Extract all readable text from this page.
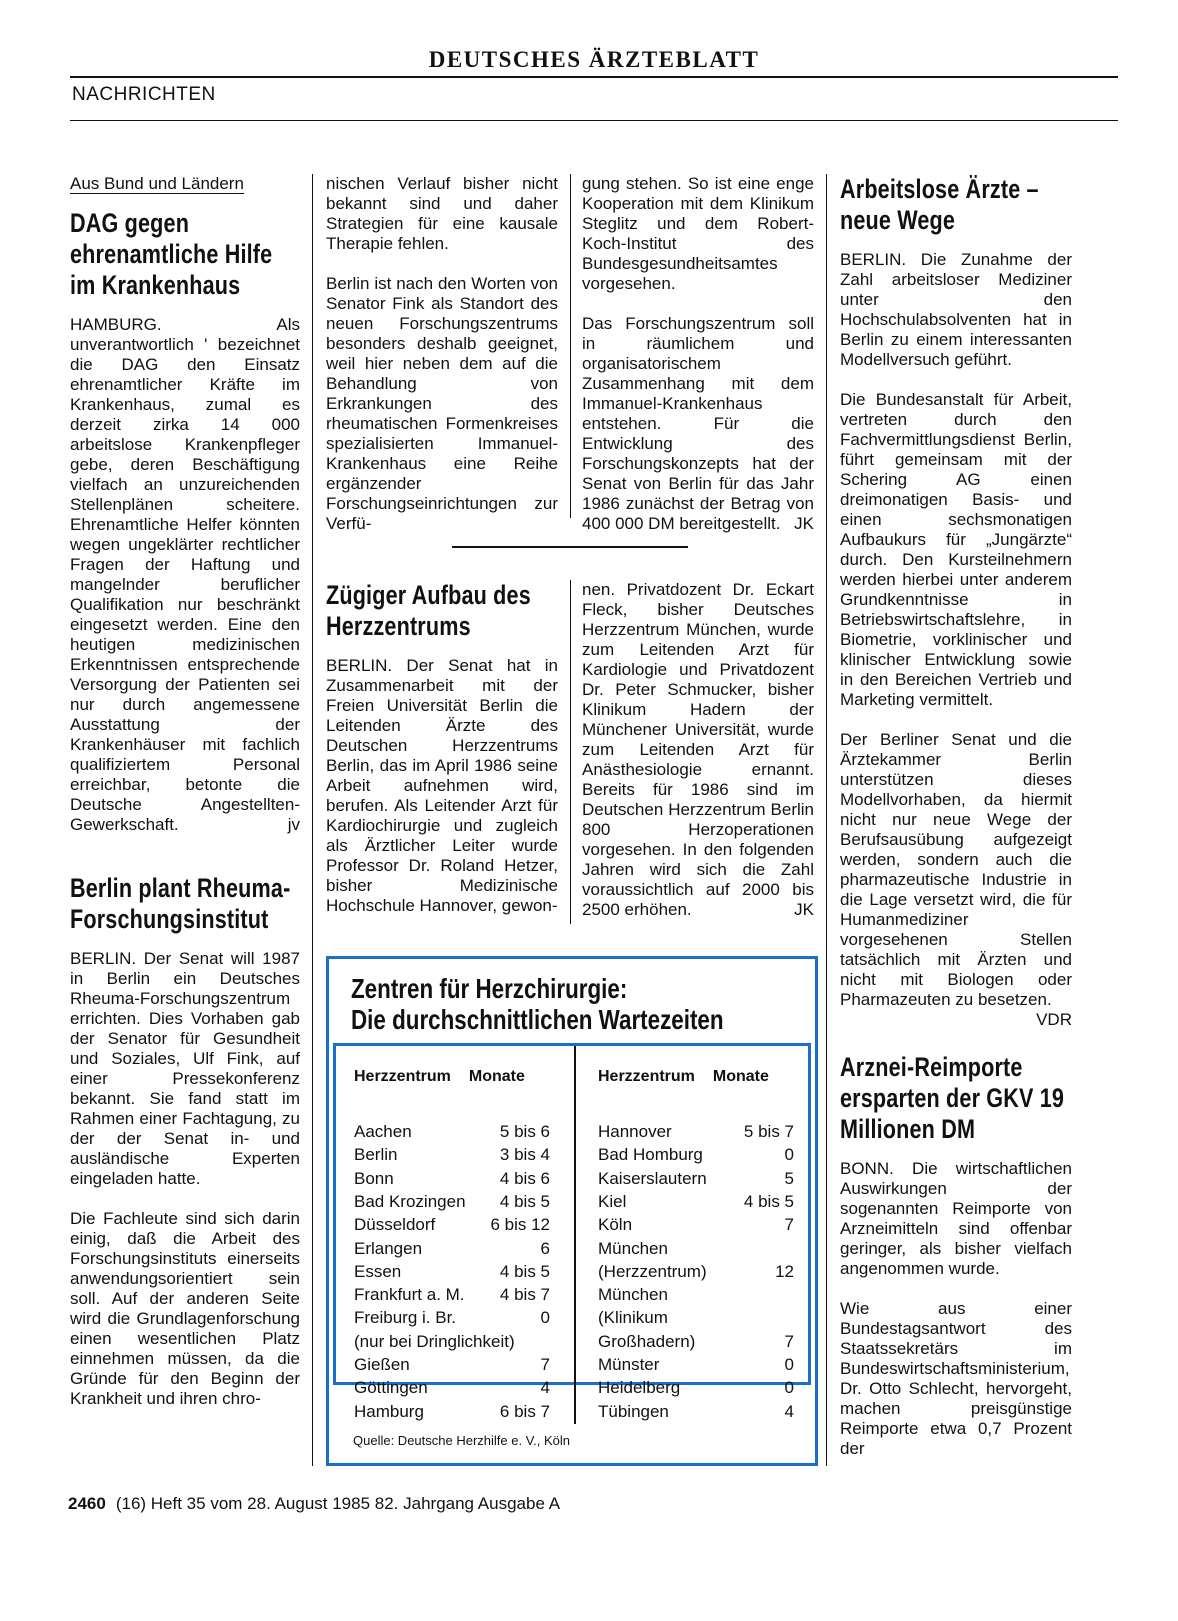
DEUTSCHES ÄRZTEBLATT
NACHRICHTEN
Aus Bund und Ländern
DAG gegen ehrenamtliche Hilfe im Krankenhaus

HAMBURG. Als unverantwortlich ' bezeichnet die DAG den Einsatz ehrenamtlicher Kräfte im Krankenhaus, zumal es derzeit zirka 14 000 arbeitslose Krankenpfleger gebe, deren Beschäftigung vielfach an unzureichenden Stellenplänen scheitere. Ehrenamtliche Helfer könnten wegen ungeklärter rechtlicher Fragen der Haftung und mangelnder beruflicher Qualifikation nur beschränkt eingesetzt werden. Eine den heutigen medizinischen Erkenntnissen entsprechende Versorgung der Patienten sei nur durch angemessene Ausstattung der Krankenhäuser mit fachlich qualifiziertem Personal erreichbar, betonte die Deutsche Angestellten-Gewerkschaft.	jv

Berlin plant Rheuma-Forschungsinstitut

BERLIN. Der Senat will 1987 in Berlin ein Deutsches Rheuma-Forschungszentrum errichten. Dies Vorhaben gab der Senator für Gesundheit und Soziales, Ulf Fink, auf einer Pressekonferenz bekannt. Sie fand statt im Rahmen einer Fachtagung, zu der der Senat in- und ausländische Experten eingeladen hatte.

Die Fachleute sind sich darin einig, daß die Arbeit des Forschungsinstituts einerseits anwendungsorientiert sein soll. Auf der anderen Seite wird die Grundlagenforschung einen wesentlichen Platz einnehmen müssen, da die Gründe für den Beginn der Krankheit und ihren chro-

nischen Verlauf bisher nicht bekannt sind und daher Strategien für eine kausale Therapie fehlen.

Berlin ist nach den Worten von Senator Fink als Standort des neuen Forschungszentrums besonders deshalb geeignet, weil hier neben dem auf die Behandlung von Erkrankungen des rheumatischen Formenkreises spezialisierten Immanuel-Krankenhaus eine Reihe ergänzender Forschungseinrichtungen zur Verfü-

gung stehen. So ist eine enge Kooperation mit dem Klinikum Steglitz und dem Robert-Koch-Institut des Bundesgesundheitsamtes vorgesehen.

Das Forschungszentrum soll in räumlichem und organisatorischem Zusammenhang mit dem Immanuel-Krankenhaus entstehen. Für die Entwicklung des Forschungskonzepts hat der Senat von Berlin für das Jahr 1986 zunächst der Betrag von 400 000 DM bereitgestellt. JK

Zügiger Aufbau des Herzzentrums

BERLIN. Der Senat hat in Zusammenarbeit mit der Freien Universität Berlin die Leitenden Ärzte des Deutschen Herzzentrums Berlin, das im April 1986 seine Arbeit aufnehmen wird, berufen. Als Leitender Arzt für Kardiochirurgie und zugleich als Ärztlicher Leiter wurde Professor Dr. Roland Hetzer, bisher Medizinische Hochschule Hannover, gewon-

nen. Privatdozent Dr. Eckart Fleck, bisher Deutsches Herzzentrum München, wurde zum Leitenden Arzt für Kardiologie und Privatdozent Dr. Peter Schmucker, bisher Klinikum Hadern der Münchener Universität, wurde zum Leitenden Arzt für Anästhesiologie ernannt. Bereits für 1986 sind im Deutschen Herzzentrum Berlin 800 Herzoperationen vorgesehen. In den folgenden Jahren wird sich die Zahl voraussichtlich auf 2000 bis 2500 erhöhen.	JK

Zentren für Herzchirurgie:
Die durchschnittlichen Wartezeiten
Herzzentrum Monate	Herzzentrum Monate
Aachen	5 bis 6
Berlin	3 bis 4
Bonn	4 bis 6
Bad Krozingen 4 bis 5
Düsseldorf	6 bis 12
Erlangen	6
Essen	4 bis 5
Frankfurt a. M. 4 bis 7
Freiburg i. Br.	0
(nur bei Dringlichkeit)
Gießen	7
Göttingen	4
Hamburg	6 bis 7
Hannover	5 bis 7
Bad Homburg	0
Kaiserslautern	5
Kiel	4 bis 5
Köln	7
München
(Herzzentrum)	12
München
(Klinikum
Großhadern)	7
Münster	0
Heidelberg	0
Tübingen	4
Quelle: Deutsche Herzhilfe e. V., Köln
Arbeitslose Ärzte – neue Wege

BERLIN. Die Zunahme der Zahl arbeitsloser Mediziner unter den Hochschulabsolventen hat in Berlin zu einem interessanten Modellversuch geführt.

Die Bundesanstalt für Arbeit, vertreten durch den Fachvermittlungsdienst Berlin, führt gemeinsam mit der Schering AG einen dreimonatigen Basis- und einen sechsmonatigen Aufbaukurs für „Jungärzte“ durch. Den Kursteilnehmern werden hierbei unter anderem Grundkenntnisse in Betriebswirtschaftslehre, in Biometrie, vorklinischer und klinischer Entwicklung sowie in den Bereichen Vertrieb und Marketing vermittelt.

Der Berliner Senat und die Ärztekammer Berlin unterstützen dieses Modellvorhaben, da hiermit nicht nur neue Wege der Berufsausübung aufgezeigt werden, sondern auch die pharmazeutische Industrie in die Lage versetzt wird, die für Humanmediziner vorgesehenen Stellen tatsächlich mit Ärzten und nicht mit Biologen oder Pharmazeuten zu besetzen.
VDR

Arznei-Reimporte ersparten der GKV 19 Millionen DM

BONN. Die wirtschaftlichen Auswirkungen der sogenannten Reimporte von Arzneimitteln sind offenbar geringer, als bisher vielfach angenommen wurde.

Wie aus einer Bundestagsantwort des Staatssekretärs im Bundeswirtschaftsministerium, Dr. Otto Schlecht, hervorgeht, machen preisgünstige Reimporte etwa 0,7 Prozent der

2460 (16) Heft 35 vom 28. August 1985 82. Jahrgang Ausgabe A
